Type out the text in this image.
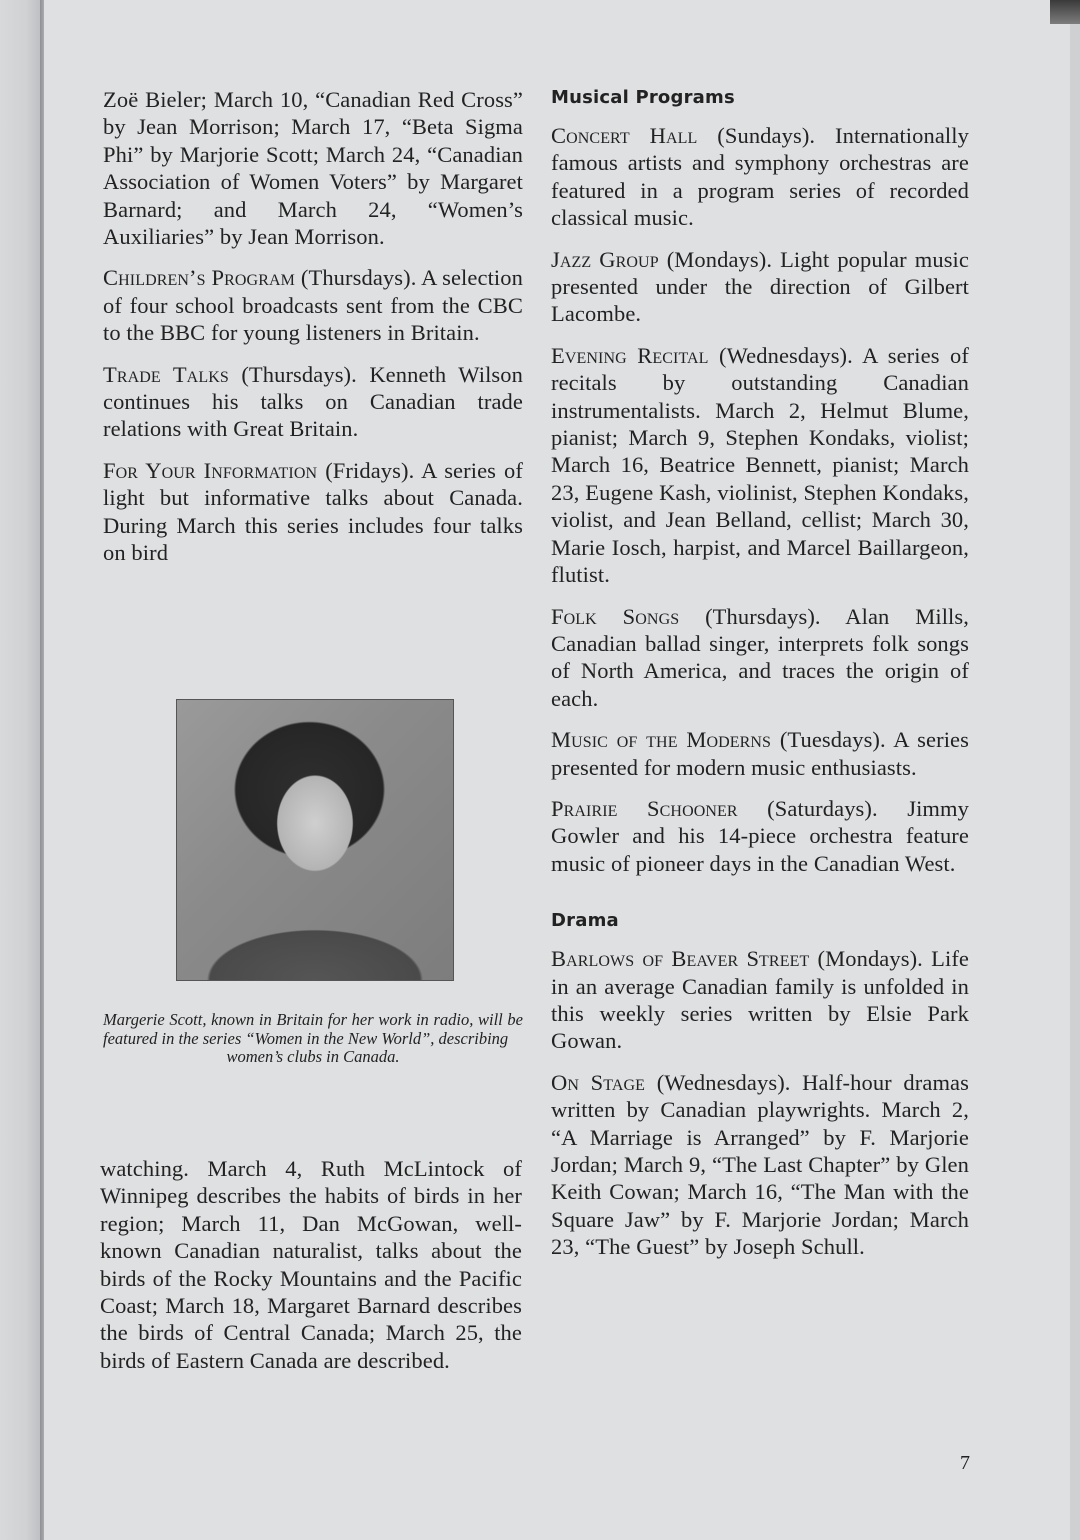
Zoë Bieler; March 10, “Canadian Red Cross” by Jean Morrison; March 17, “Beta Sigma Phi” by Marjorie Scott; March 24, “Canadian Association of Women Voters” by Margaret Barnard; and March 24, “Women’s Auxiliaries” by Jean Morrison.

Children’s Program (Thursdays). A selection of four school broadcasts sent from the CBC to the BBC for young listeners in Britain.

Trade Talks (Thursdays). Kenneth Wilson continues his talks on Canadian trade relations with Great Britain.

For Your Information (Fridays). A series of light but informative talks about Canada. During March this series includes four talks on bird

Margerie Scott, known in Britain for her work in radio, will be featured in the series “Women in the New World”, describing
women’s clubs in Canada.

watching. March 4, Ruth McLintock of Winnipeg describes the habits of birds in her region; March 11, Dan McGowan, well-known Canadian naturalist, talks about the birds of the Rocky Mountains and the Pacific Coast; March 18, Margaret Barnard describes the birds of Central Canada; March 25, the birds of Eastern Canada are described.

Musical Programs

Concert Hall (Sundays). Internationally famous artists and symphony orchestras are featured in a program series of recorded classical music.

Jazz Group (Mondays). Light popular music presented under the direction of Gilbert Lacombe.

Evening Recital (Wednesdays). A series of recitals by outstanding Canadian instrumentalists. March 2, Helmut Blume, pianist; March 9, Stephen Kondaks, violist; March 16, Beatrice Bennett, pianist; March 23, Eugene Kash, violinist, Stephen Kondaks, violist, and Jean Belland, cellist; March 30, Marie Iosch, harpist, and Marcel Baillargeon, flutist.

Folk Songs (Thursdays). Alan Mills, Canadian ballad singer, interprets folk songs of North America, and traces the origin of each.

Music of the Moderns (Tuesdays). A series presented for modern music enthusiasts.

Prairie Schooner (Saturdays). Jimmy Gowler and his 14-piece orchestra feature music of pioneer days in the Canadian West.

Drama

Barlows of Beaver Street (Mondays). Life in an average Canadian family is unfolded in this weekly series written by Elsie Park Gowan.

On Stage (Wednesdays). Half-hour dramas written by Canadian playwrights. March 2, “A Marriage is Arranged” by F. Marjorie Jordan; March 9, “The Last Chapter” by Glen Keith Cowan; March 16, “The Man with the Square Jaw” by F. Marjorie Jordan; March 23, “The Guest” by Joseph Schull.

7
